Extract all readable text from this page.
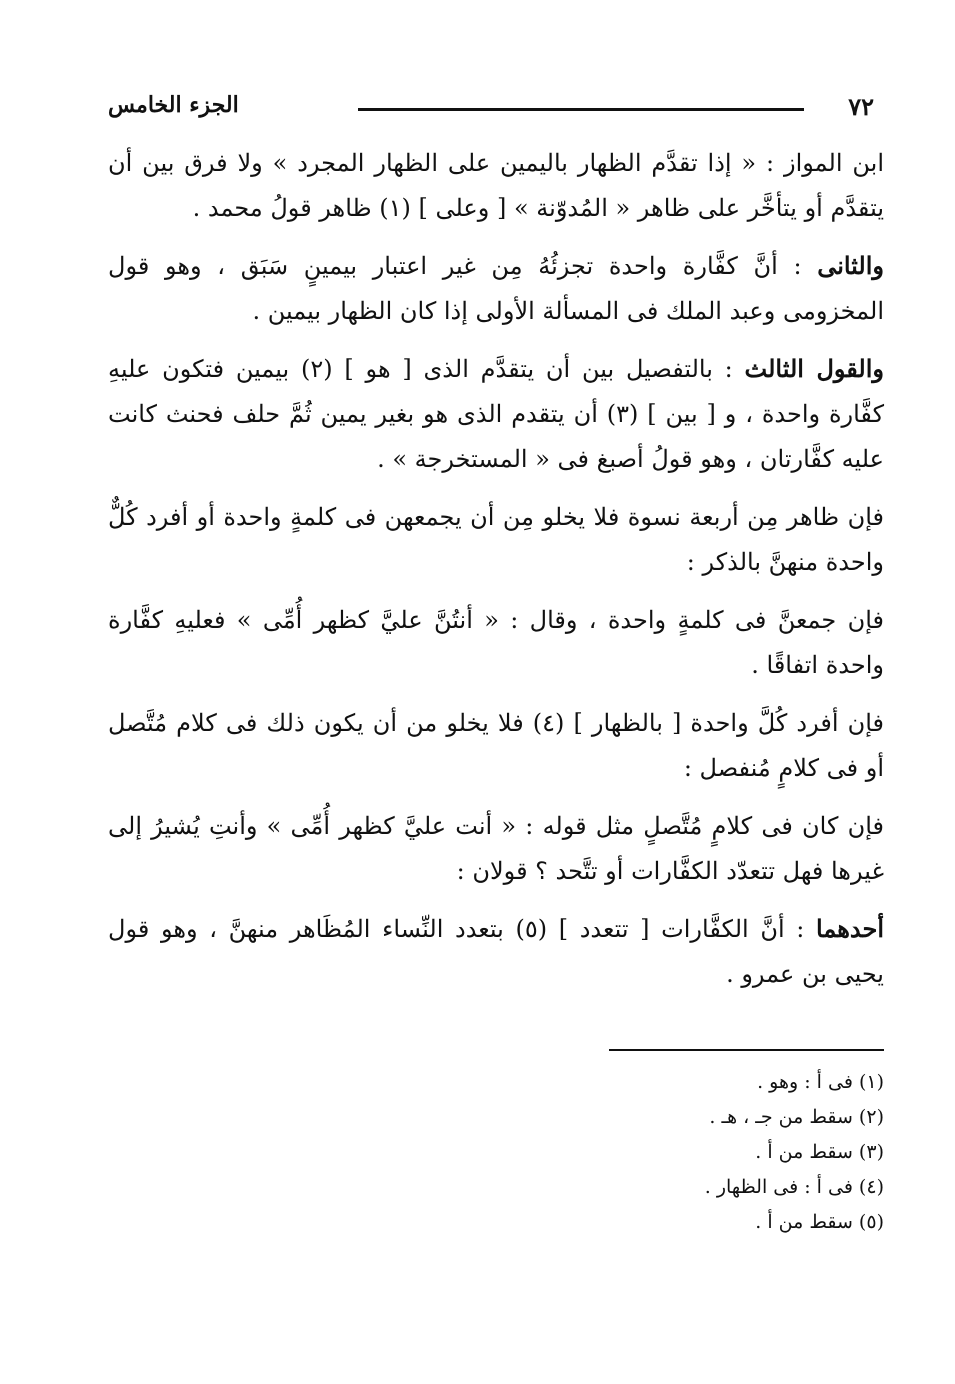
٧٢
الجزء الخامس

ابن المواز : « إذا تقدَّم الظهار باليمين على الظهار المجرد » ولا فرق بين أن يتقدَّم أو يتأخَّر على ظاهر « المُدوّنة » [ وعلى ] (١) ظاهر قولُ محمد .

والثانى : أنَّ كفَّارة واحدة تجزئُهُ مِن غير اعتبار بيمينٍ سَبَق ، وهو قول المخزومى وعبد الملك فى المسألة الأولى إذا كان الظهار بيمين .

والقول الثالث : بالتفصيل بين أن يتقدَّم الذى [ هو ] (٢) بيمين فتكون عليهِ كفَّارة واحدة ، و [ بين ] (٣) أن يتقدم الذى هو بغير يمين ثُمَّ حلف فحنث كانت عليه كفَّارتان ، وهو قولُ أصبغ فى « المستخرجة » .

فإن ظاهر مِن أربعة نسوة فلا يخلو مِن أن يجمعهن فى كلمةٍ واحدة أو أفرد كُلٌّ واحدة منهنَّ بالذكر :

فإن جمعنَّ فى كلمةٍ واحدة ، وقال : « أنتُنَّ عليَّ كظهر أُمِّى » فعليهِ كفَّارة واحدة اتفاقًا .

فإن أفرد كُلَّ واحدة [ بالظهار ] (٤) فلا يخلو من أن يكون ذلك فى كلام مُتَّصل أو فى كلامٍ مُنفصل :

فإن كان فى كلامٍ مُتَّصلٍ مثل قوله : « أنت عليَّ كظهر أُمِّى » وأنتِ يُشيرُ إلى غيرها فهل تتعدّد الكفَّارات أو تتَّحد ؟ قولان :

أحدهما : أنَّ الكفَّارات [ تتعدد ] (٥) بتعدد النِّساء المُظَاهر منهنَّ ، وهو قول يحيى بن عمرو .

(١) فى أ : وهو .
(٢) سقط من جـ ، هـ .
(٣) سقط من أ .
(٤) فى أ : فى الظهار .
(٥) سقط من أ .
